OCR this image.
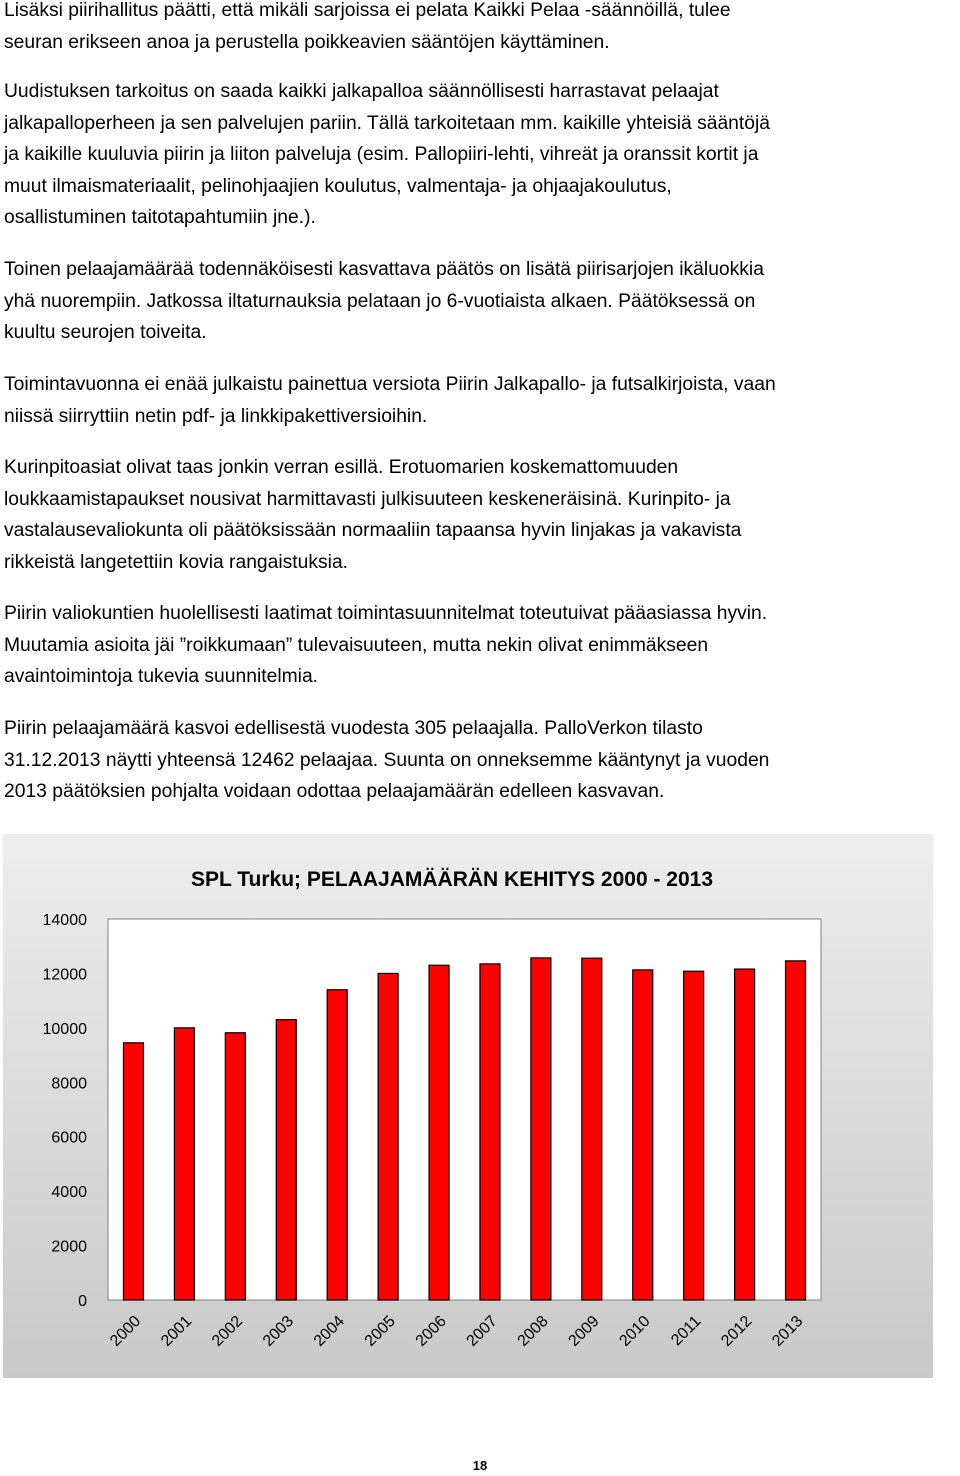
Lisäksi piirihallitus päätti, että mikäli sarjoissa ei pelata Kaikki Pelaa -säännöillä, tulee
seuran erikseen anoa ja perustella poikkeavien sääntöjen käyttäminen.

Uudistuksen tarkoitus on saada kaikki jalkapalloa säännöllisesti harrastavat pelaajat
jalkapalloperheen ja sen palvelujen pariin. Tällä tarkoitetaan mm. kaikille yhteisiä sääntöjä
ja kaikille kuuluvia piirin ja liiton palveluja (esim. Pallopiiri-lehti, vihreät ja oranssit kortit ja
muut ilmaismateriaalit, pelinohjaajien koulutus, valmentaja- ja ohjaajakoulutus,
osallistuminen taitotapahtumiin jne.).

Toinen pelaajamäärää todennäköisesti kasvattava päätös on lisätä piirisarjojen ikäluokkia
yhä nuorempiin. Jatkossa iltaturnauksia pelataan jo 6-vuotiaista alkaen. Päätöksessä on
kuultu seurojen toiveita.

Toimintavuonna ei enää julkaistu painettua versiota Piirin Jalkapallo- ja futsalkirjoista, vaan
niissä siirryttiin netin pdf- ja linkkipakettiversioihin.

Kurinpitoasiat olivat taas jonkin verran esillä. Erotuomarien koskemattomuuden
loukkaamistapaukset nousivat harmittavasti julkisuuteen keskeneräisinä. Kurinpito- ja
vastalausevaliokunta oli päätöksissään normaaliin tapaansa hyvin linjakas ja vakavista
rikkeistä langetettiin kovia rangaistuksia.

Piirin valiokuntien huolellisesti laatimat toimintasuunnitelmat toteutuivat pääasiassa hyvin.
Muutamia asioita jäi ”roikkumaan” tulevaisuuteen, mutta nekin olivat enimmäkseen
avaintoimintoja tukevia suunnitelmia.

Piirin pelaajamäärä kasvoi edellisestä vuodesta 305 pelaajalla. PalloVerkon tilasto
31.12.2013 näytti yhteensä 12462 pelaajaa. Suunta on onneksemme kääntynyt ja vuoden
2013 päätöksien pohjalta voidaan odottaa pelaajamäärän edelleen kasvavan.

SPL Turku; PELAAJAMÄÄRÄN KEHITYS 2000 - 2013
14000
12000
10000
8000
6000
4000
2000
0
2000 2001 2002 2003 2004 2005 2006 2007 2008 2009 2010 2011 2012 2013
18
